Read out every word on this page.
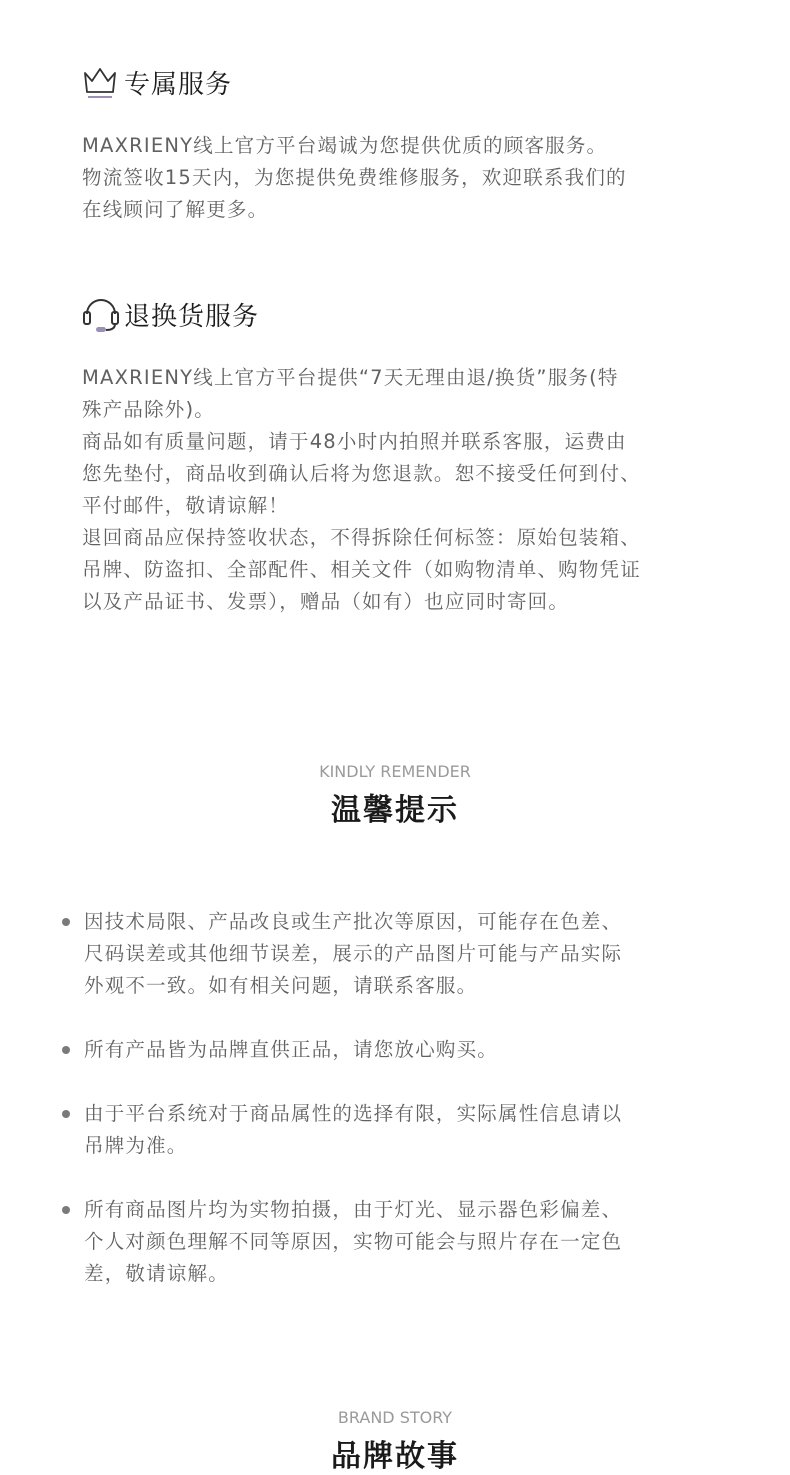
专属服务

MAXRIENY线上官方平台竭诚为您提供优质的顾客服务。

物流签收15天内，为您提供免费维修服务，欢迎联系我们的

在线顾问了解更多。

退换货服务

MAXRIENY线上官方平台提供“7天无理由退/换货”服务(特

殊产品除外)。

商品如有质量问题，请于48小时内拍照并联系客服，运费由

您先垫付，商品收到确认后将为您退款。恕不接受任何到付、

平付邮件，敬请谅解！

退回商品应保持签收状态，不得拆除任何标签：原始包装箱、

吊牌、防盗扣、全部配件、相关文件（如购物清单、购物凭证

以及产品证书、发票），赠品（如有）也应同时寄回。

KINDLY REMENDER
温馨提示

因技术局限、产品改良或生产批次等原因，可能存在色差、

尺码误差或其他细节误差，展示的产品图片可能与产品实际

外观不一致。如有相关问题，请联系客服。

所有产品皆为品牌直供正品，请您放心购买。

由于平台系统对于商品属性的选择有限，实际属性信息请以

吊牌为准。

所有商品图片均为实物拍摄，由于灯光、显示器色彩偏差、

个人对颜色理解不同等原因，实物可能会与照片存在一定色

差，敬请谅解。

BRAND STORY
品牌故事
